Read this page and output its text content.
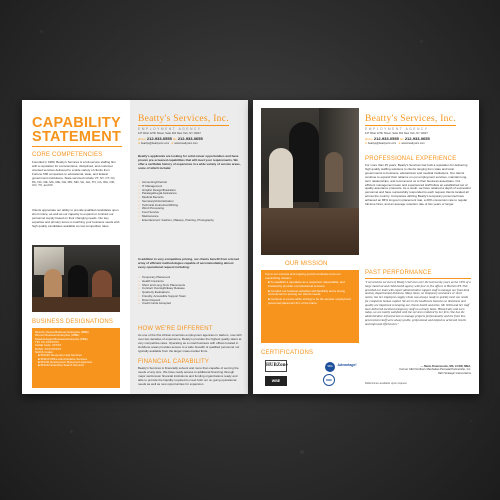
CAPABILITY
STATEMENT
CORE COMPETENCIES
Founded in 1980, Beatty's Services is a full-service staffing firm with a reputation for conscientious, disciplined, and customer oriented services delivered to a wide variety of clients from Fortune 500 companies to educational, state, and federal government institutions. State serviced include VT, NY, CT, NJ, PA, DC, DE, MA, ME, NH, MN, MD, VA, GA, TN, CA, WA, OR, CO, TX, and RI.
Clients appreciate our ability to provide qualified candidates upon short notice, as well as our capacity to expand or contract our personnel supply based on their changing needs. Our key expertise and primary focus is matching your business needs with high quality candidates available at cost-competitive rates.
BUSINESS DESIGNATIONS
Minority Owned Business Enterprise (MBE)
Women Business Enterprise (WBE)
Disadvantaged Business Enterprise (DBE)
TIN: XX-XXXXXXX
CAGE Code: XXXXX
DUNS: XXXXXXXXX
NAICS Codes:
■ 561320 Temporary Help Services
■ 561110 Office Administrative Services
■ 561311 Employment Placement Agencies
■ 561312 Executive Search Services
Beatty's Services, Inc.
EMPLOYMENT AGENCY
127 West 127th Street, Suite 301 New York, NY 10027
phone 212-933-0555 fax 212-933-0655
✉ beattys@beattysinc.com ⊕ www.beattysinc.com
Beatty's applicants are looking for solid career opportunities and have proven pre-screened capabilities that will meet your requirements. We offer a verifiable history of experience in a wide variety of service areas, some of which include:
• Accounting/Clerical
• IT Management
• Graphic Design/Illustration
• Paralegal/Legal Assistance
• Medical Records
• Secretary/Administration
• Technical Instruction/Writing
• Word Processing
• Food Service
• Maintenance
• Entertainment: Fashion, Makeup, Painting, Photography
In addition to very competitive pricing, our clients benefit from a broad array of efficient methodologies capable of accommodating almost every operational request including:
• Temporary Placement
• Health Insurance
• Short and Long-Term Placements
• Contract Oversight/Easy Release
• Quarterly Evaluations
• Friendly, Accessible Support Team
• Direct Deposit
• Credit Cards Accepted
HOW WE'RE DIFFERENT
As one of the first African American employment agencies in Harlem, now with over two decades of experience, Beatty's provides the highest quality talent at very competitive rates. Operating as a small business with offices located in HubZone areas provides access to a wide breadth of qualified personnel not typically available from the larger mass-market firms.
FINANCIAL CAPABILITY
Beatty's Services is financially solvent and more than capable of serving the needs of any size. We have ready access to additional financing through major well-known financial institutions and funding organizations ready and able to provide the liquidity required to meet both our on-going operational needs as well as new opportunities for expansion.
Beatty's Services, Inc.
EMPLOYMENT AGENCY
127 West 127th Street, Suite 301 New York, NY 10027
phone 212-933-0555 fax 212-933-0655
✉ beattys@beattysinc.com ⊕ www.beattysinc.com
PROFESSIONAL EXPERIENCE
For more than 25 years, Beatty's Services has built a reputation for delivering high quality staffing solutions to clients ranging from state and local governments to business, educational, and medical institutions. Our clients continue to expand their reliance on our employment services, maintain long-term relationships, and recommend us to their business associates. Our efficient management team and experienced staff follow an established set of quality assurance protocols. As a result, we have retained a depth of successful personnel and have successfully responded to each request clients located all across the country. Companies utilizing Beatty's temporary personnel have achieved an 86% long-term placement rate, a 20% conversion rate to regular full-time hires, and an average retention rate of two years or longer.
OUR MISSION
Top to our success and ongoing growth continues to be our overarching mission:
■ To establish a reputation as a respected, dependable, and trustworthy provider of professional services.
■ Conduct our business activities with flexibility and a strong commitment to serving our client's needs.
■ Continue to evolve while striving to be the premier employment personnel placement firm of the future.
CERTIFICATIONS
HUBZone	SBA	Advantage!
WBE	DBE
PAST PERFORMANCE
"I secured the services of Beatty's Services over the last twenty years as the CEO of a large maternal and child health agency with four to five offices in Harlem NY. This provided our team with expert administrative support staff to manage our front desk and key departmental divisions. Many times, on temporary assistance or short notice, but her employees supply chain was always ready to quickly meet our needs for competent human capital. We are in the healthcare business so timeliness and quality are important to keeping our clients health and alive. Mr. Whitt and her staff have delivered excellent temporary staff on a timely basis. Historically and even today, we are totally satisfied with the services rendered by her firm. She has the administrative infrastructure to manage projects professionally and the front line procurement staff were always polite, professional and helped us achieved results and improved efficiencies."
— Mario Drummonds, MS, LCSW, MBA,
Former CEO Northern Manhattan Perinatal Partnership, Inc.
CEO Strategic Interventions
References available upon request.
